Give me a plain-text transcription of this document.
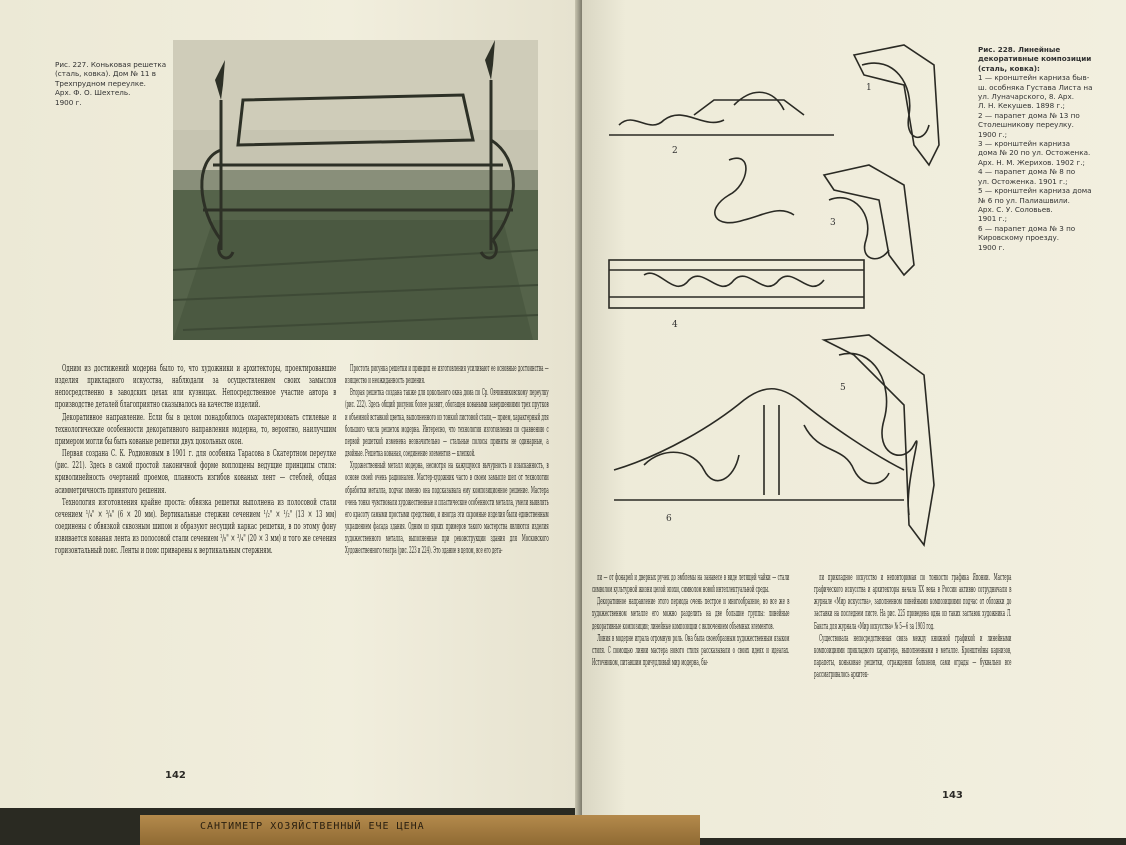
Рис. 227. Коньковая решетка
(сталь, ковка). Дом № 11 в
Трехпрудном переулке.
Арх. Ф. О. Шехтель.
1900 г.

Одним из достижений модерна было то, что художники и архитекторы, проектировавшие изделия прикладного искусства, наблюдали за осуществлением своих замыслов непосредственно в заводских цехах или кузницах. Непосредственное участие автора в производстве деталей благоприятно сказывалось на качестве изделий.

Декоративное направление. Если бы в целом понадобилось охарактеризовать стилевые и технологические особенности декоративного направления модерна, то, вероятно, наилучшим примером могли бы быть кованые решетки двух цокольных окон.

Первая создана С. К. Родионовым в 1901 г. для особняка Тарасова в Скатертном переулке (рис. 221). Здесь в самой простой лаконичной форме воплощены ведущие принципы стиля: криволинейность очертаний проемов, плавность изгибов кованых лент — стеблей, общая асимметричность принятого решения.

Технология изготовления крайне проста: обвязка решетки выполнена из полосовой стали сечением ¹/₄" × ³/₄" (6 × 20 мм). Вертикальные стержни сечением ¹/₂" × ¹/₂" (13 × 13 мм) соединены с обвязкой сквозным шипом и образуют несущий каркас решетки, в по этому фону извивается кованая лента из полосовой стали сечением ¹/₈" × ³/₄" (20 × 3 мм) и того же сечения горизонтальный пояс. Ленты и пояс приварены к вертикальным стержням.

Простота рисунка решетки и принцип ее изготовления усиливают ее основные достоинства — изящество и неожиданность решения.

Вторая решетка создана также для цокольного окна дома по Ср. Овчинниковскому переулку (рис. 222). Здесь общий рисунок более развит, обогащен коваными завершениями трех прутков и объемной вставкой цветка, выполненного из тонкой листовой стали,— прием, характерный для большого числа решеток модерна. Интересно, что технология изготовления по сравнению с первой решеткой изменена незначительно — стальные полосы приняты не одинарные, а двойные. Решетка кованая, соединение элементов — клепкой.

Художественный металл модерна, несмотря на кажущуюся вычурность и изысканность, в основе своей очень рационален. Мастер-художник часто в своем замысле шел от технологии обработки металла, подчас именно она подсказывала ему композиционное решение. Мастера очень тонко чувствовали художественные и пластические особенности металла, умели выявлять его красоту самыми простыми средствами, и иногда эти скромные изделия были единственным украшением фасада здания. Одним из ярких примеров такого мастерства являются изделия художественного металла, выполненные при реконструкции здания для Московского Художественного театра (рис. 223 и 224). Это здание в целом, все его дета-

142
1
2
3
4
5
6
Рис. 228. Линейные
декоративные композиции
(сталь, ковка):
1 — кронштейн карниза быв-
ш. особняка Густава Листа на
ул. Луначарского, 8. Арх.
Л. Н. Кекушев. 1898 г.;
2 — парапет дома № 13 по
Столешникову переулку.
1900 г.;
3 — кронштейн карниза
дома № 20 по ул. Остоженка.
Арх. Н. М. Жерихов. 1902 г.;
4 — парапет дома № 8 по
ул. Остоженка. 1901 г.;
5 — кронштейн карниза дома
№ 6 по ул. Палиашвили.
Арх. С. У. Соловьев.
1901 г.;
6 — парапет дома № 3 по
Кировскому проезду.
1900 г.

ли — от фонарей и дверных ручек до эмблемы на занавесе в виде летящей чайки — стали символом культурной жизни целой эпохи, символом новой интеллектуальной среды.

Декоративное направление этого периода очень пестрое и многообразное, но все же в художественном металле его можно разделить на две большие группы: линейные декоративные композиции; линейные композиции с включением объемных элементов.

Линия в модерне играла огромную роль. Она была своеобразным художественным языком стиля. С помощью линии мастера нового стиля рассказывали о своих идеях и идеалах. Источником, питавшим причудливый мир модерна, бы-

ли прикладное искусство и неповторимая по тонкости графика Японии. Мастера графического искусства и архитекторы начала XX века в России активно сотрудничали в журнале «Мир искусства», заполненном линейными композициями подчас от обложки до заставки на последнем листе. На рис. 225 приведена одна из таких заставок художника Л. Бакста для журнала «Мир искусства» № 5—6 за 1903 год.

Существовала непосредственная связь между книжной графикой и линейными композициями прикладного характера, выполненными в металле. Кронштейны карнизов, парапеты, коньковые решетки, ограждения балконов, сами ограды — буквально все рассматривалось архитек-

143
САНТИМЕТР ХОЗЯЙСТВЕННЫЙ ЕЧЕ ЦЕНА
